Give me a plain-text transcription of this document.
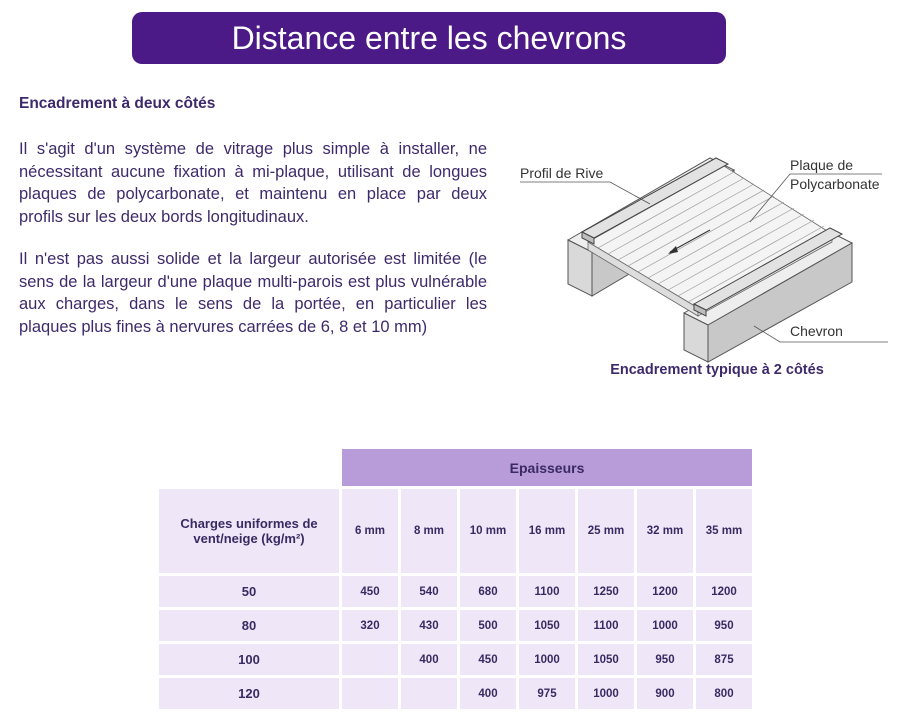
Distance entre les chevrons
Encadrement à deux côtés
Il s'agit d'un système de vitrage plus simple à installer, ne nécessitant aucune fixation à mi-plaque, utilisant de longues plaques de polycarbonate, et maintenu en place par deux profils sur les deux bords longitudinaux.
Il n'est pas aussi solide et la largeur autorisée est limitée (le sens de la largeur d'une plaque multi-parois est plus vulnérable aux charges, dans le sens de la portée, en particulier les plaques plus fines à nervures carrées de 6, 8 et 10 mm)
Profil de Rive	Plaque de
Polycarbonate
Chevron
Encadrement typique à 2 côtés
	Epaisseurs						
Charges uniformes de vent/neige (kg/m²)	6 mm	8 mm	10 mm	16 mm	25 mm	32 mm	35 mm
50	450	540	680	1100	1250	1200	1200
80	320	430	500	1050	1100	1000	950
100		400	450	1000	1050	950	875
120			400	975	1000	900	800
